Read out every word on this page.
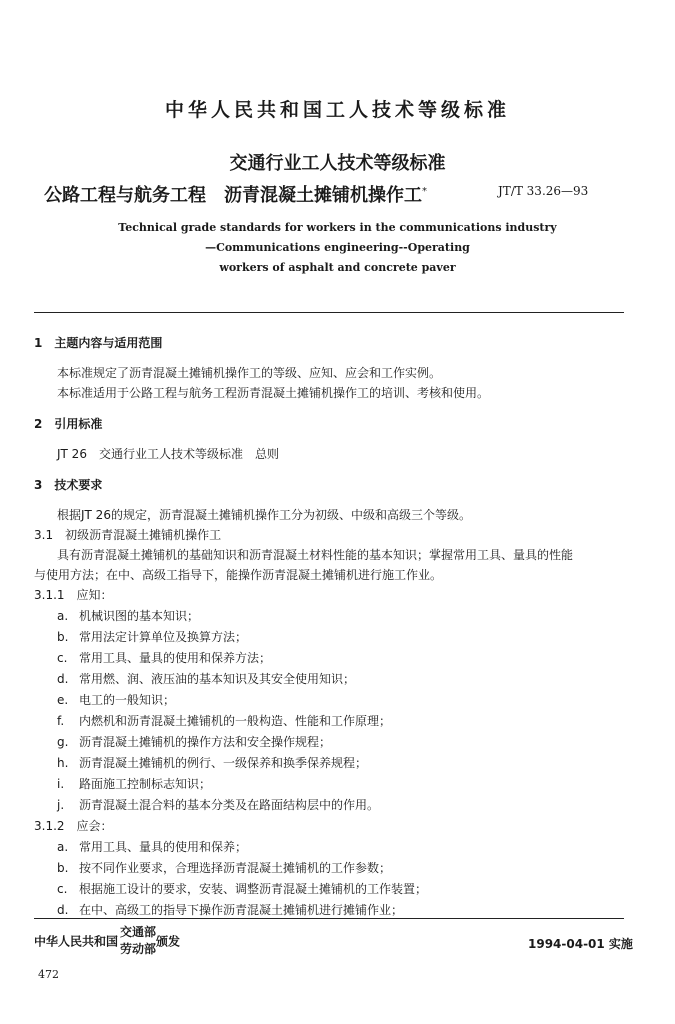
中华人民共和国工人技术等级标准
交通行业工人技术等级标准
公路工程与航务工程　沥青混凝土摊铺机操作工*	JT/T 33.26—93
Technical grade standards for workers in the communications industry
—Communications engineering--Operating
workers of asphalt and concrete paver
1　主题内容与适用范围
本标准规定了沥青混凝土摊铺机操作工的等级、应知、应会和工作实例。
本标准适用于公路工程与航务工程沥青混凝土摊铺机操作工的培训、考核和使用。
2　引用标准
JT 26　交通行业工人技术等级标准　总则
3　技术要求
根据JT 26的规定，沥青混凝土摊铺机操作工分为初级、中级和高级三个等级。
3.1　初级沥青混凝土摊铺机操作工
具有沥青混凝土摊铺机的基础知识和沥青混凝土材料性能的基本知识；掌握常用工具、量具的性能
与使用方法；在中、高级工指导下，能操作沥青混凝土摊铺机进行施工作业。
3.1.1　应知：
a. 机械识图的基本知识；
b. 常用法定计算单位及换算方法；
c. 常用工具、量具的使用和保养方法；
d. 常用燃、润、液压油的基本知识及其安全使用知识；
e. 电工的一般知识；
f. 内燃机和沥青混凝土摊铺机的一般构造、性能和工作原理；
g. 沥青混凝土摊铺机的操作方法和安全操作规程；
h. 沥青混凝土摊铺机的例行、一级保养和换季保养规程；
i. 路面施工控制标志知识；
j. 沥青混凝土混合料的基本分类及在路面结构层中的作用。
3.1.2　应会：
a. 常用工具、量具的使用和保养；
b. 按不同作业要求，合理选择沥青混凝土摊铺机的工作参数；
c. 根据施工设计的要求，安装、调整沥青混凝土摊铺机的工作装置；
d. 在中、高级工的指导下操作沥青混凝土摊铺机进行摊铺作业；
中华人民共和国交通部
劳动部颁发	1994-04-01 实施
472
